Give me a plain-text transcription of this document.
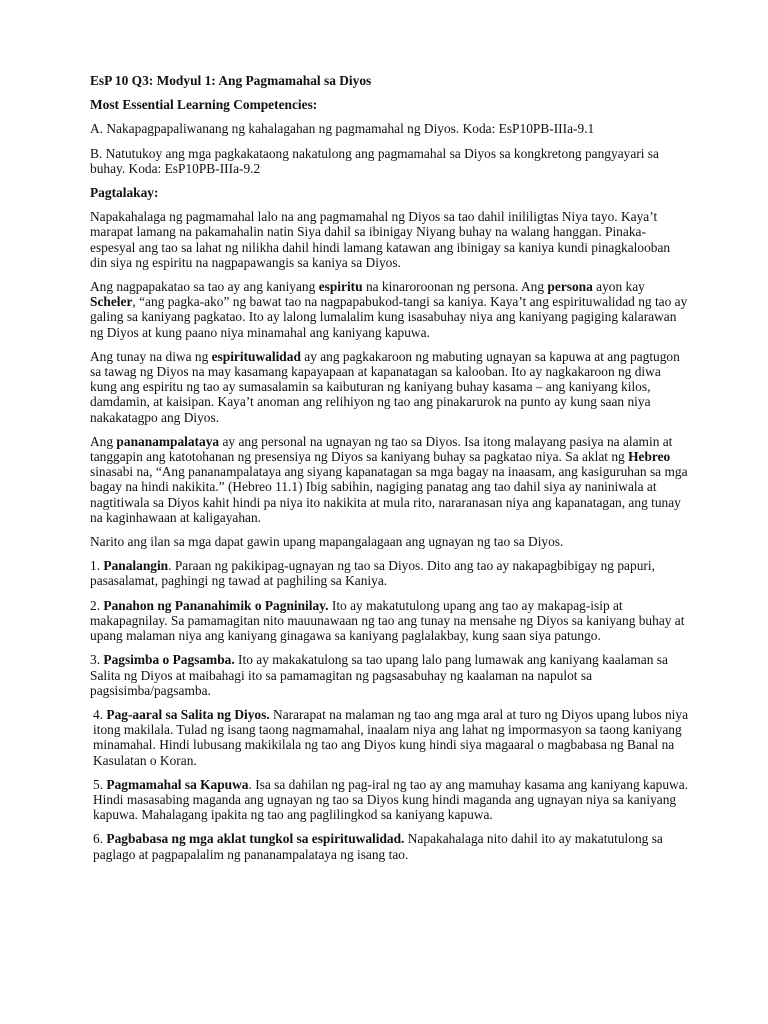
EsP 10 Q3: Modyul 1: Ang Pagmamahal sa Diyos

Most Essential Learning Competencies:

A. Nakapagpapaliwanang ng kahalagahan ng pagmamahal ng Diyos. Koda: EsP10PB-IIIa-9.1

B. Natutukoy ang mga pagkakataong nakatulong ang pagmamahal sa Diyos sa kongkretong pangyayari sa buhay. Koda: EsP10PB-IIIa-9.2

Pagtalakay:

Napakahalaga ng pagmamahal lalo na ang pagmamahal ng Diyos sa tao dahil inililigtas Niya tayo. Kaya’t marapat lamang na pakamahalin natin Siya dahil sa ibinigay Niyang buhay na walang hanggan. Pinaka-espesyal ang tao sa lahat ng nilikha dahil hindi lamang katawan ang ibinigay sa kaniya kundi pinagkalooban din siya ng espiritu na nagpapawangis sa kaniya sa Diyos.

Ang nagpapakatao sa tao ay ang kaniyang espiritu na kinaroroonan ng persona. Ang persona ayon kay Scheler, “ang pagka-ako” ng bawat tao na nagpapabukod-tangi sa kaniya. Kaya’t ang espirituwalidad ng tao ay galing sa kaniyang pagkatao. Ito ay lalong lumalalim kung isasabuhay niya ang kaniyang pagiging kalarawan ng Diyos at kung paano niya minamahal ang kaniyang kapuwa.

Ang tunay na diwa ng espirituwalidad ay ang pagkakaroon ng mabuting ugnayan sa kapuwa at ang pagtugon sa tawag ng Diyos na may kasamang kapayapaan at kapanatagan sa kalooban. Ito ay nagkakaroon ng diwa kung ang espiritu ng tao ay sumasalamin sa kaibuturan ng kaniyang buhay kasama – ang kaniyang kilos, damdamin, at kaisipan. Kaya’t anoman ang relihiyon ng tao ang pinakarurok na punto ay kung saan niya nakakatagpo ang Diyos.

Ang pananampalataya ay ang personal na ugnayan ng tao sa Diyos. Isa itong malayang pasiya na alamin at tanggapin ang katotohanan ng presensiya ng Diyos sa kaniyang buhay sa pagkatao niya. Sa aklat ng Hebreo sinasabi na, “Ang pananampalataya ang siyang kapanatagan sa mga bagay na inaasam, ang kasiguruhan sa mga bagay na hindi nakikita.” (Hebreo 11.1) Ibig sabihin, nagiging panatag ang tao dahil siya ay naniniwala at nagtitiwala sa Diyos kahit hindi pa niya ito nakikita at mula rito, nararanasan niya ang kapanatagan, ang tunay na kaginhawaan at kaligayahan.

Narito ang ilan sa mga dapat gawin upang mapangalagaan ang ugnayan ng tao sa Diyos.

1. Panalangin. Paraan ng pakikipag-ugnayan ng tao sa Diyos. Dito ang tao ay nakapagbibigay ng papuri, pasasalamat, paghingi ng tawad at paghiling sa Kaniya.

2. Panahon ng Pananahimik o Pagninilay. Ito ay makatutulong upang ang tao ay makapag-isip at makapagnilay. Sa pamamagitan nito mauunawaan ng tao ang tunay na mensahe ng Diyos sa kaniyang buhay at upang malaman niya ang kaniyang ginagawa sa kaniyang paglalakbay, kung saan siya patungo.

3. Pagsimba o Pagsamba. Ito ay makakatulong sa tao upang lalo pang lumawak ang kaniyang kaalaman sa Salita ng Diyos at maibahagi ito sa pamamagitan ng pagsasabuhay ng kaalaman na napulot sa pagsisimba/pagsamba.

4. Pag-aaral sa Salita ng Diyos. Nararapat na malaman ng tao ang mga aral at turo ng Diyos upang lubos niya itong makilala. Tulad ng isang taong nagmamahal, inaalam niya ang lahat ng impormasyon sa taong kaniyang minamahal. Hindi lubusang makikilala ng tao ang Diyos kung hindi siya magaaral o magbabasa ng Banal na Kasulatan o Koran.

5. Pagmamahal sa Kapuwa. Isa sa dahilan ng pag-iral ng tao ay ang mamuhay kasama ang kaniyang kapuwa. Hindi masasabing maganda ang ugnayan ng tao sa Diyos kung hindi maganda ang ugnayan niya sa kaniyang kapuwa. Mahalagang ipakita ng tao ang paglilingkod sa kaniyang kapuwa.

6. Pagbabasa ng mga aklat tungkol sa espirituwalidad. Napakahalaga nito dahil ito ay makatutulong sa paglago at pagpapalalim ng pananampalataya ng isang tao.
